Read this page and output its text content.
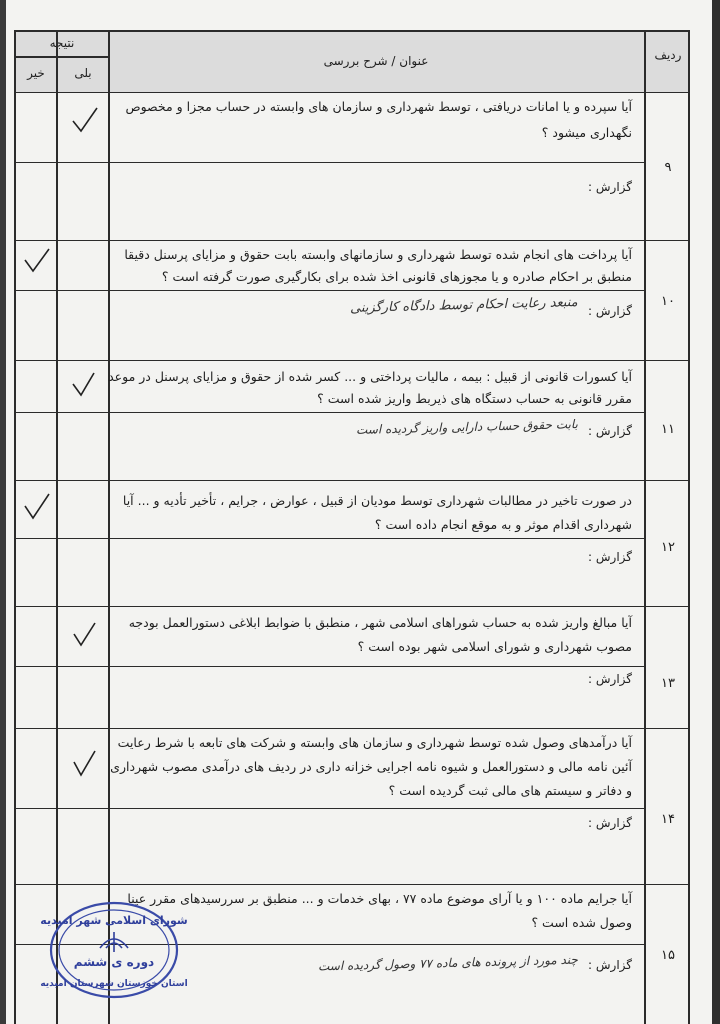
نتیجه
خیر	بلی
عنوان / شرح بررسی	ردیف
۹
آیا سپرده و یا امانات دریافتی ، توسط شهرداری و سازمان های وابسته در حساب مجزا و مخصوص
نگهداری میشود ؟
گزارش :
۱۰
آیا پرداخت های انجام شده توسط شهرداری و سازمانهای وابسته بابت حقوق و مزایای پرسنل دقیقا
منطبق بر احکام صادره و یا مجوزهای قانونی اخذ شده برای بکارگیری صورت گرفته است ؟
گزارش :
منبعد رعایت احکام توسط دادگاه کارگزینی
۱۱
آیا کسورات قانونی از قبیل : بیمه ، مالیات پرداختی و ... کسر شده از حقوق و مزایای پرسنل در موعد
مقرر قانونی به حساب دستگاه های ذیربط واریز شده است ؟
گزارش :
بابت حقوق حساب دارایی واریز گردیده است
۱۲
در صورت تاخیر در مطالبات شهرداری توسط مودیان از قبیل ، عوارض ، جرایم ، تأخیر تأدیه و ... آیا
شهرداری اقدام موثر و به موقع انجام داده است ؟
گزارش :
۱۳
آیا مبالغ واریز شده به حساب شوراهای اسلامی شهر ، منطبق با ضوابط ابلاغی دستورالعمل بودجه
مصوب شهرداری و شورای اسلامی شهر بوده است ؟
گزارش :
۱۴
آیا درآمدهای وصول شده توسط شهرداری و سازمان های وابسته و شرکت های تابعه با شرط رعایت
آئین نامه مالی و دستورالعمل و شیوه نامه اجرایی خزانه داری در ردیف های درآمدی مصوب شهرداری
و دفاتر و سیستم های مالی ثبت گردیده است ؟
گزارش :
۱۵
آیا جرایم ماده ۱۰۰ و یا آرای موضوع ماده ۷۷ ، بهای خدمات و ... منطبق بر سررسیدهای مقرر عینا
وصول شده است ؟
گزارش :
چند مورد از پرونده های ماده ۷۷ وصول گردیده است
شورای اسلامی شهر امیدیه
دوره ی ششم
استان خوزستان شهرستان امیدیه
